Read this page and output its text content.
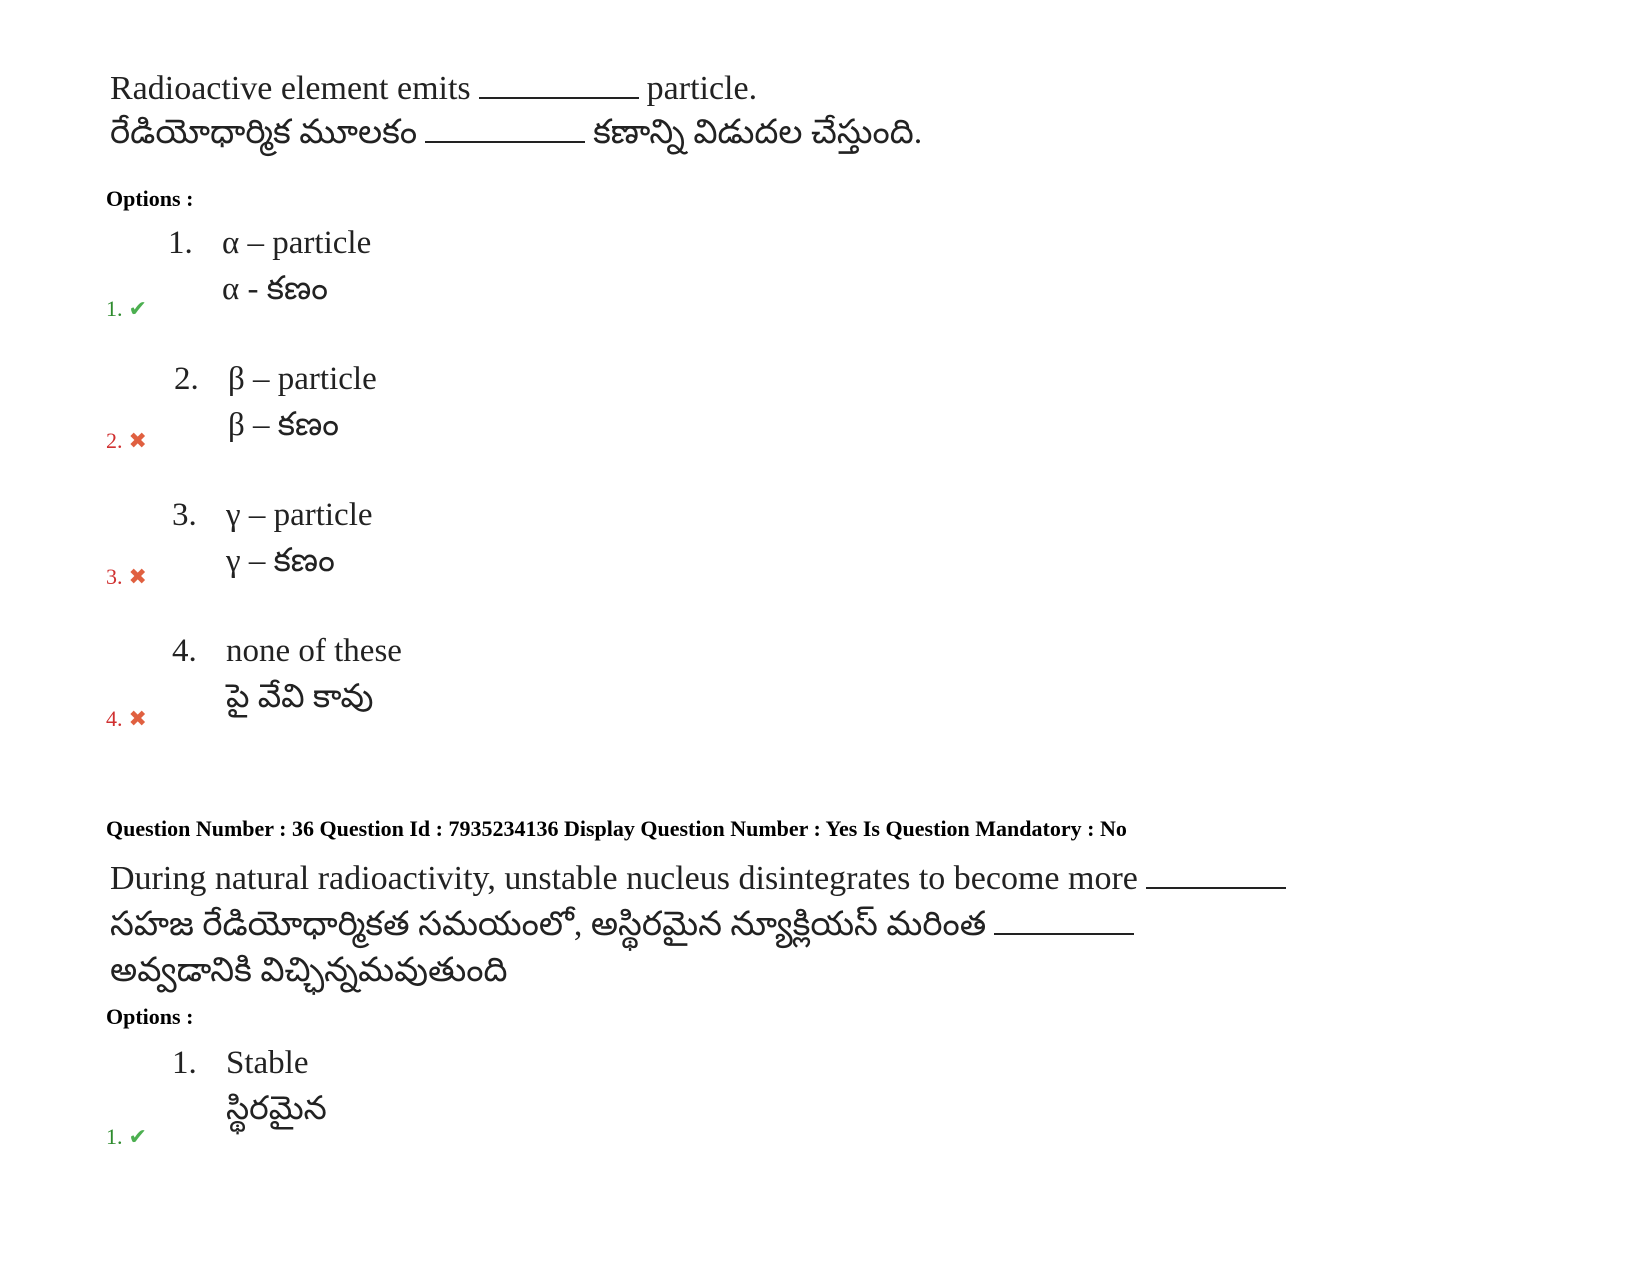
Radioactive element emits	particle.
రేడియోధార్మిక మూలకం	కణాన్ని విడుదల చేస్తుంది.
Options :
1. α – particle
α - కణం
1. ✔
2. β – particle
β – కణం
2. ✖
3. γ – particle
γ – కణం
3. ✖
4. none of these
పై వేవి కావు
4. ✖
Question Number : 36 Question Id : 7935234136 Display Question Number : Yes Is Question Mandatory : No
During natural radioactivity, unstable nucleus disintegrates to become more
సహజ రేడియోధార్మికత సమయంలో, అస్థిరమైన న్యూక్లియస్ మరింత
అవ్వడానికి విచ్ఛిన్నమవుతుంది
Options :
1. Stable
స్థిరమైన
1. ✔
